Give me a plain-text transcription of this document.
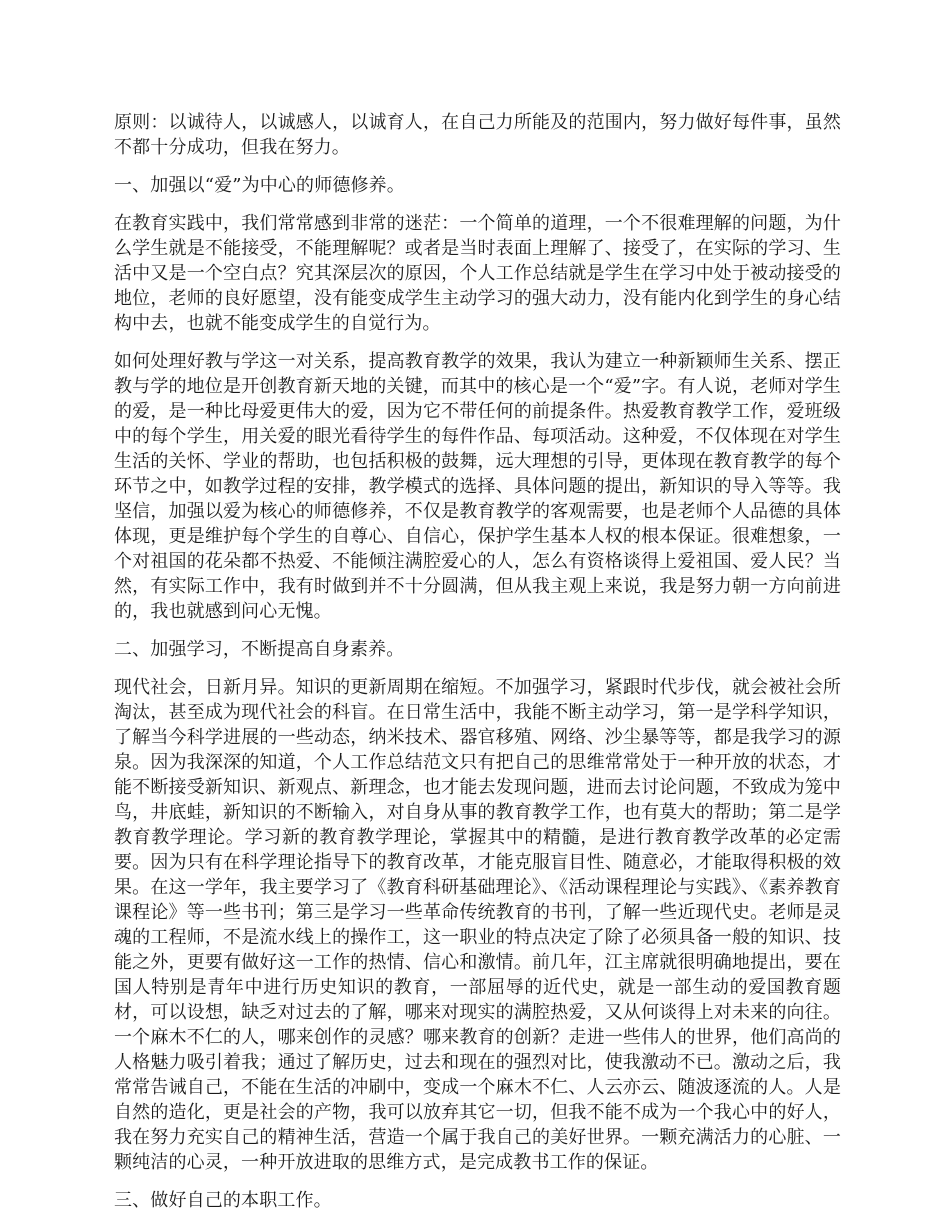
原则：以诚待人，以诚感人，以诚育人，在自己力所能及的范围内，努力做好每件事，虽然不都十分成功，但我在努力。

一、加强以“爱”为中心的师德修养。

在教育实践中，我们常常感到非常的迷茫：一个简单的道理，一个不很难理解的问题，为什么学生就是不能接受，不能理解呢？或者是当时表面上理解了、接受了，在实际的学习、生活中又是一个空白点？究其深层次的原因，个人工作总结就是学生在学习中处于被动接受的地位，老师的良好愿望，没有能变成学生主动学习的强大动力，没有能内化到学生的身心结构中去，也就不能变成学生的自觉行为。

如何处理好教与学这一对关系，提高教育教学的效果，我认为建立一种新颖师生关系、摆正教与学的地位是开创教育新天地的关键，而其中的核心是一个“爱”字。有人说，老师对学生的爱，是一种比母爱更伟大的爱，因为它不带任何的前提条件。热爱教育教学工作，爱班级中的每个学生，用关爱的眼光看待学生的每件作品、每项活动。这种爱，不仅体现在对学生生活的关怀、学业的帮助，也包括积极的鼓舞，远大理想的引导，更体现在教育教学的每个环节之中，如教学过程的安排，教学模式的选择、具体问题的提出，新知识的导入等等。我坚信，加强以爱为核心的师德修养，不仅是教育教学的客观需要，也是老师个人品德的具体体现，更是维护每个学生的自尊心、自信心，保护学生基本人权的根本保证。很难想象，一个对祖国的花朵都不热爱、不能倾注满腔爱心的人，怎么有资格谈得上爱祖国、爱人民？当然，有实际工作中，我有时做到并不十分圆满，但从我主观上来说，我是努力朝一方向前进的，我也就感到问心无愧。

二、加强学习，不断提高自身素养。

现代社会，日新月异。知识的更新周期在缩短。不加强学习，紧跟时代步伐，就会被社会所淘汰，甚至成为现代社会的科盲。在日常生活中，我能不断主动学习，第一是学科学知识，了解当今科学进展的一些动态，纳米技术、器官移殖、网络、沙尘暴等等，都是我学习的源泉。因为我深深的知道，个人工作总结范文只有把自己的思维常常处于一种开放的状态，才能不断接受新知识、新观点、新理念，也才能去发现问题，进而去讨论问题，不致成为笼中鸟，井底蛙，新知识的不断输入，对自身从事的教育教学工作，也有莫大的帮助；第二是学教育教学理论。学习新的教育教学理论，掌握其中的精髓，是进行教育教学改革的必定需要。因为只有在科学理论指导下的教育改革，才能克服盲目性、随意必，才能取得积极的效果。在这一学年，我主要学习了《教育科研基础理论》、《活动课程理论与实践》、《素养教育课程论》等一些书刊；第三是学习一些革命传统教育的书刊，了解一些近现代史。老师是灵魂的工程师，不是流水线上的操作工，这一职业的特点决定了除了必须具备一般的知识、技能之外，更要有做好这一工作的热情、信心和激情。前几年，江主席就很明确地提出，要在国人特别是青年中进行历史知识的教育，一部屈辱的近代史，就是一部生动的爱国教育题材，可以设想，缺乏对过去的了解，哪来对现实的满腔热爱，又从何谈得上对未来的向往。一个麻木不仁的人，哪来创作的灵感？哪来教育的创新？走进一些伟人的世界，他们高尚的人格魅力吸引着我；通过了解历史，过去和现在的强烈对比，使我激动不已。激动之后，我常常告诫自己，不能在生活的冲刷中，变成一个麻木不仁、人云亦云、随波逐流的人。人是自然的造化，更是社会的产物，我可以放弃其它一切，但我不能不成为一个我心中的好人，我在努力充实自己的精神生活，营造一个属于我自己的美好世界。一颗充满活力的心脏、一颗纯洁的心灵，一种开放进取的思维方式，是完成教书工作的保证。

三、做好自己的本职工作。
